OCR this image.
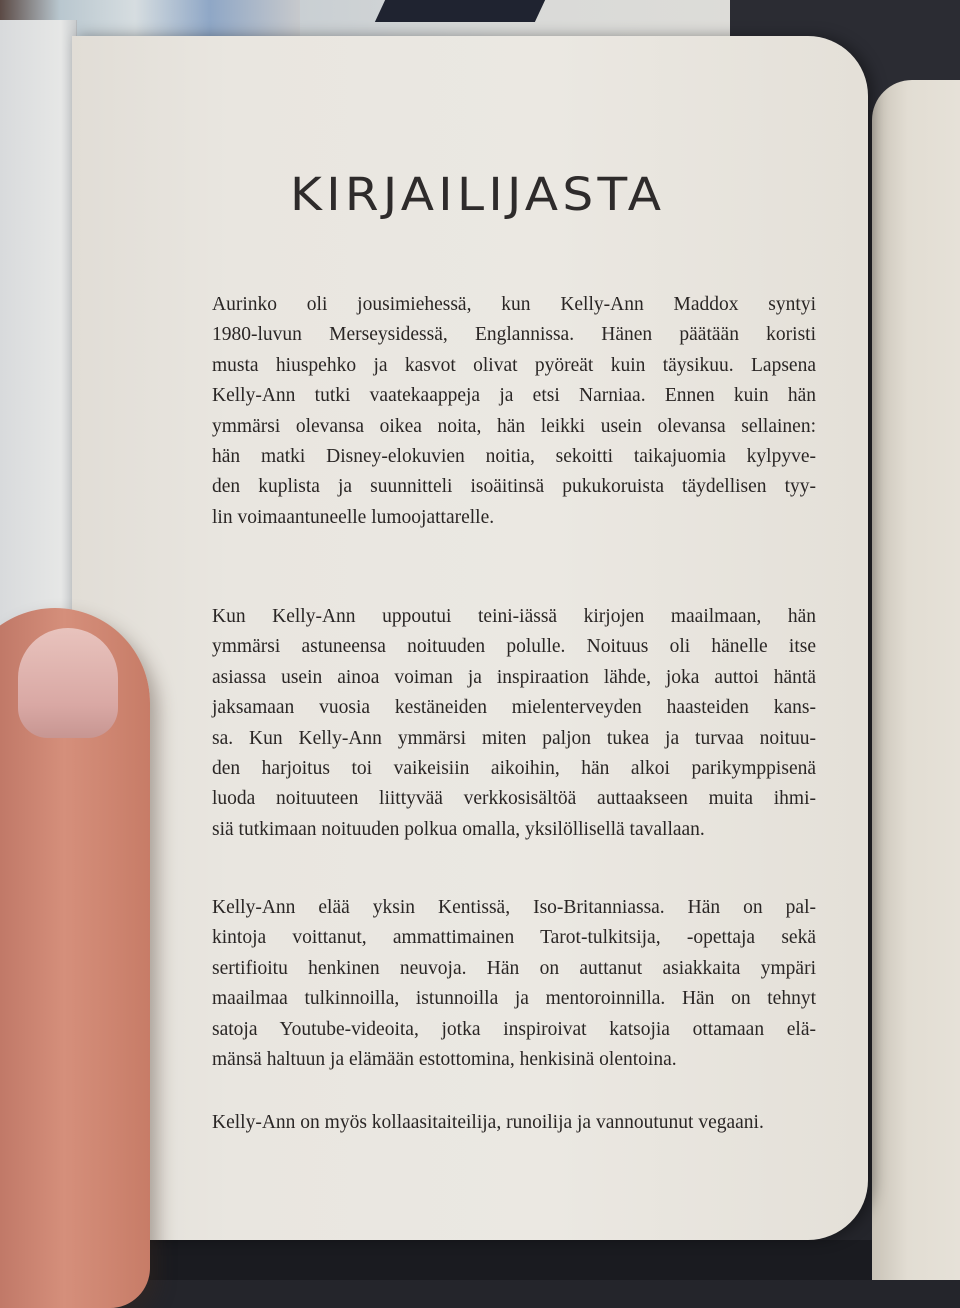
KIRJAILIJASTA
Aurinko oli jousimiehessä, kun Kelly-Ann Maddox syntyi
1980-luvun Merseysidessä, Englannissa. Hänen päätään koristi
musta hiuspehko ja kasvot olivat pyöreät kuin täysikuu. Lapsena
Kelly-Ann tutki vaatekaappeja ja etsi Narniaa. Ennen kuin hän
ymmärsi olevansa oikea noita, hän leikki usein olevansa sellainen:
hän matki Disney-elokuvien noitia, sekoitti taikajuomia kylpyve-
den kuplista ja suunnitteli isoäitinsä pukukoruista täydellisen tyy-
lin voimaantuneelle lumoojattarelle.
Kun Kelly-Ann uppoutui teini-iässä kirjojen maailmaan, hän
ymmärsi astuneensa noituuden polulle. Noituus oli hänelle itse
asiassa usein ainoa voiman ja inspiraation lähde, joka auttoi häntä
jaksamaan vuosia kestäneiden mielenterveyden haasteiden kans-
sa. Kun Kelly-Ann ymmärsi miten paljon tukea ja turvaa noituu-
den harjoitus toi vaikeisiin aikoihin, hän alkoi parikymppisenä
luoda noituuteen liittyvää verkkosisältöä auttaakseen muita ihmi-
siä tutkimaan noituuden polkua omalla, yksilöllisellä tavallaan.
Kelly-Ann elää yksin Kentissä, Iso-Britanniassa. Hän on pal-
kintoja voittanut, ammattimainen Tarot-tulkitsija, -opettaja sekä
sertifioitu henkinen neuvoja. Hän on auttanut asiakkaita ympäri
maailmaa tulkinnoilla, istunnoilla ja mentoroinnilla. Hän on tehnyt
satoja Youtube-videoita, jotka inspiroivat katsojia ottamaan elä-
mänsä haltuun ja elämään estottomina, henkisinä olentoina.
Kelly-Ann on myös kollaasitaiteilija, runoilija ja vannoutunut vegaani.
